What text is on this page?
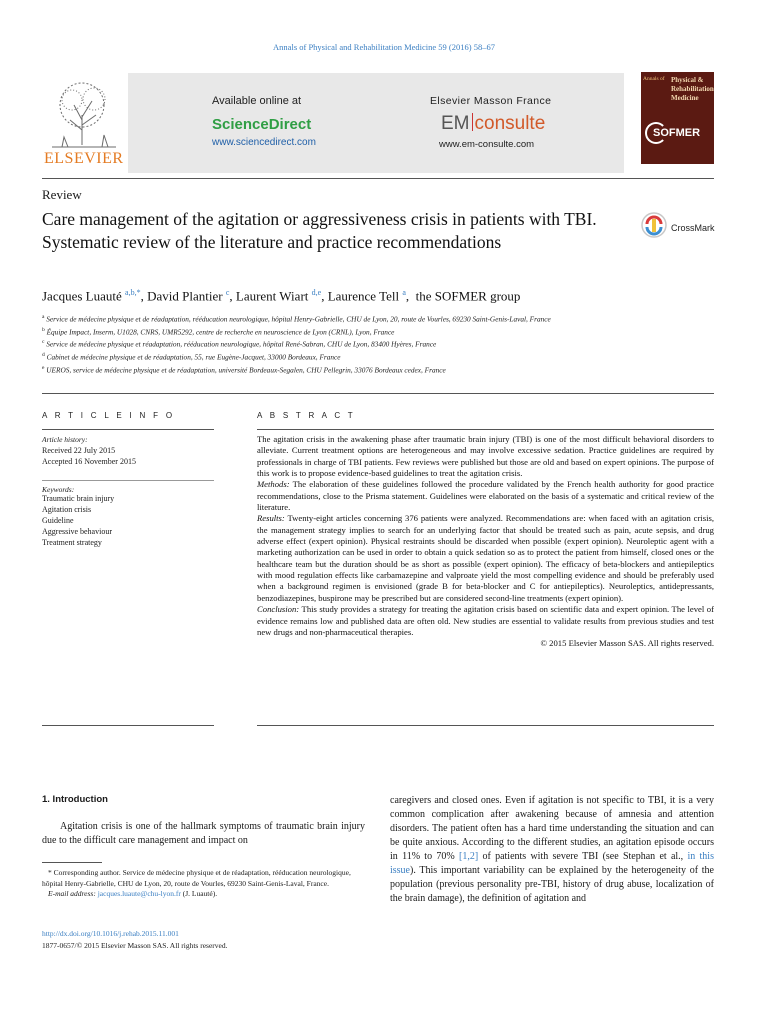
Annals of Physical and Rehabilitation Medicine 59 (2016) 58–67
ELSEVIER
Available online at
ScienceDirect
www.sciencedirect.com
Elsevier Masson France
EM consulte
www.em-consulte.com
Annals of Physical &
Rehabilitation
Medicine
SOFMER
Review
Care management of the agitation or aggressiveness crisis in patients with TBI. Systematic review of the literature and practice recommendations
CrossMark
Jacques Luauté $^{a,b,*}$, David Plantier $^c$, Laurent Wiart $^{d,e}$, Laurence Tell $^a$,  the SOFMER group
$^a$ Service de médecine physique et de réadaptation, rééducation neurologique, hôpital Henry-Gabrielle, CHU de Lyon, 20, route de Vourles, 69230 Saint-Genis-Laval, France
$^b$ Équipe Impact, Inserm, U1028, CNRS, UMR5292, centre de recherche en neuroscience de Lyon (CRNL), Lyon, France
$^c$ Service de médecine physique et réadaptation, rééducation neurologique, hôpital René-Sabran, CHU de Lyon, 83400 Hyères, France
$^d$ Cabinet de médecine physique et de réadaptation, 55, rue Eugène-Jacquet, 33000 Bordeaux, France
$^e$ UEROS, service de médecine physique et de réadaptation, université Bordeaux-Segalen, CHU Pellegrin, 33076 Bordeaux cedex, France
A R T I C L E I N F O	A B S T R A C T
Article history:
Received 22 July 2015
Accepted 16 November 2015
Keywords:
Traumatic brain injury
Agitation crisis
Guideline
Aggressive behaviour
Treatment strategy

The agitation crisis in the awakening phase after traumatic brain injury (TBI) is one of the most difficult behavioral disorders to alleviate. Current treatment options are heterogeneous and may involve excessive sedation. Practice guidelines are required by professionals in charge of TBI patients. Few reviews were published but those are old and based on expert opinions. The purpose of this work is to propose evidence-based guidelines to treat the agitation crisis.

Methods: The elaboration of these guidelines followed the procedure validated by the French health authority for good practice recommendations, close to the Prisma statement. Guidelines were elaborated on the basis of a systematic and critical review of the literature.

Results: Twenty-eight articles concerning 376 patients were analyzed. Recommendations are: when faced with an agitation crisis, the management strategy implies to search for an underlying factor that should be treated such as pain, acute sepsis, and drug adverse effect (expert opinion). Physical restraints should be discarded when possible (expert opinion). Neuroleptic agent with a marketing authorization can be used in order to obtain a quick sedation so as to protect the patient from himself, closed ones or the healthcare team but the duration should be as short as possible (expert opinion). The efficacy of beta-blockers and antiepileptics with mood regulation effects like carbamazepine and valproate yield the most compelling evidence and should be preferably used when a background regimen is envisioned (grade B for beta-blocker and C for antiepileptics). Neuroleptics, antidepressants, benzodiazepines, buspirone may be prescribed but are considered second-line treatments (expert opinion).

Conclusion: This study provides a strategy for treating the agitation crisis based on scientific data and expert opinion. The level of evidence remains low and published data are often old. New studies are essential to validate results from previous studies and test new drugs and non-pharmaceutical therapies.

© 2015 Elsevier Masson SAS. All rights reserved.

1. Introduction
Agitation crisis is one of the hallmark symptoms of traumatic brain injury due to the difficult care management and impact on
* Corresponding author. Service de médecine physique et de réadaptation, rééducation neurologique, hôpital Henry-Gabrielle, CHU de Lyon, 20, route de Vourles, 69230 Saint-Genis-Laval, France.
E-mail address: jacques.luaute@chu-lyon.fr (J. Luauté).
http://dx.doi.org/10.1016/j.rehab.2015.11.001
1877-0657/© 2015 Elsevier Masson SAS. All rights reserved.
caregivers and closed ones. Even if agitation is not specific to TBI, it is a very common complication after awakening because of amnesia and attention disorders. The patient often has a hard time understanding the situation and can be quite anxious. According to the different studies, an agitation episode occurs in 11% to 70% [1,2] of patients with severe TBI (see Stephan et al., in this issue). This important variability can be explained by the heterogeneity of the population (previous personality pre-TBI, history of drug abuse, localization of the brain damage), the definition of agitation and
